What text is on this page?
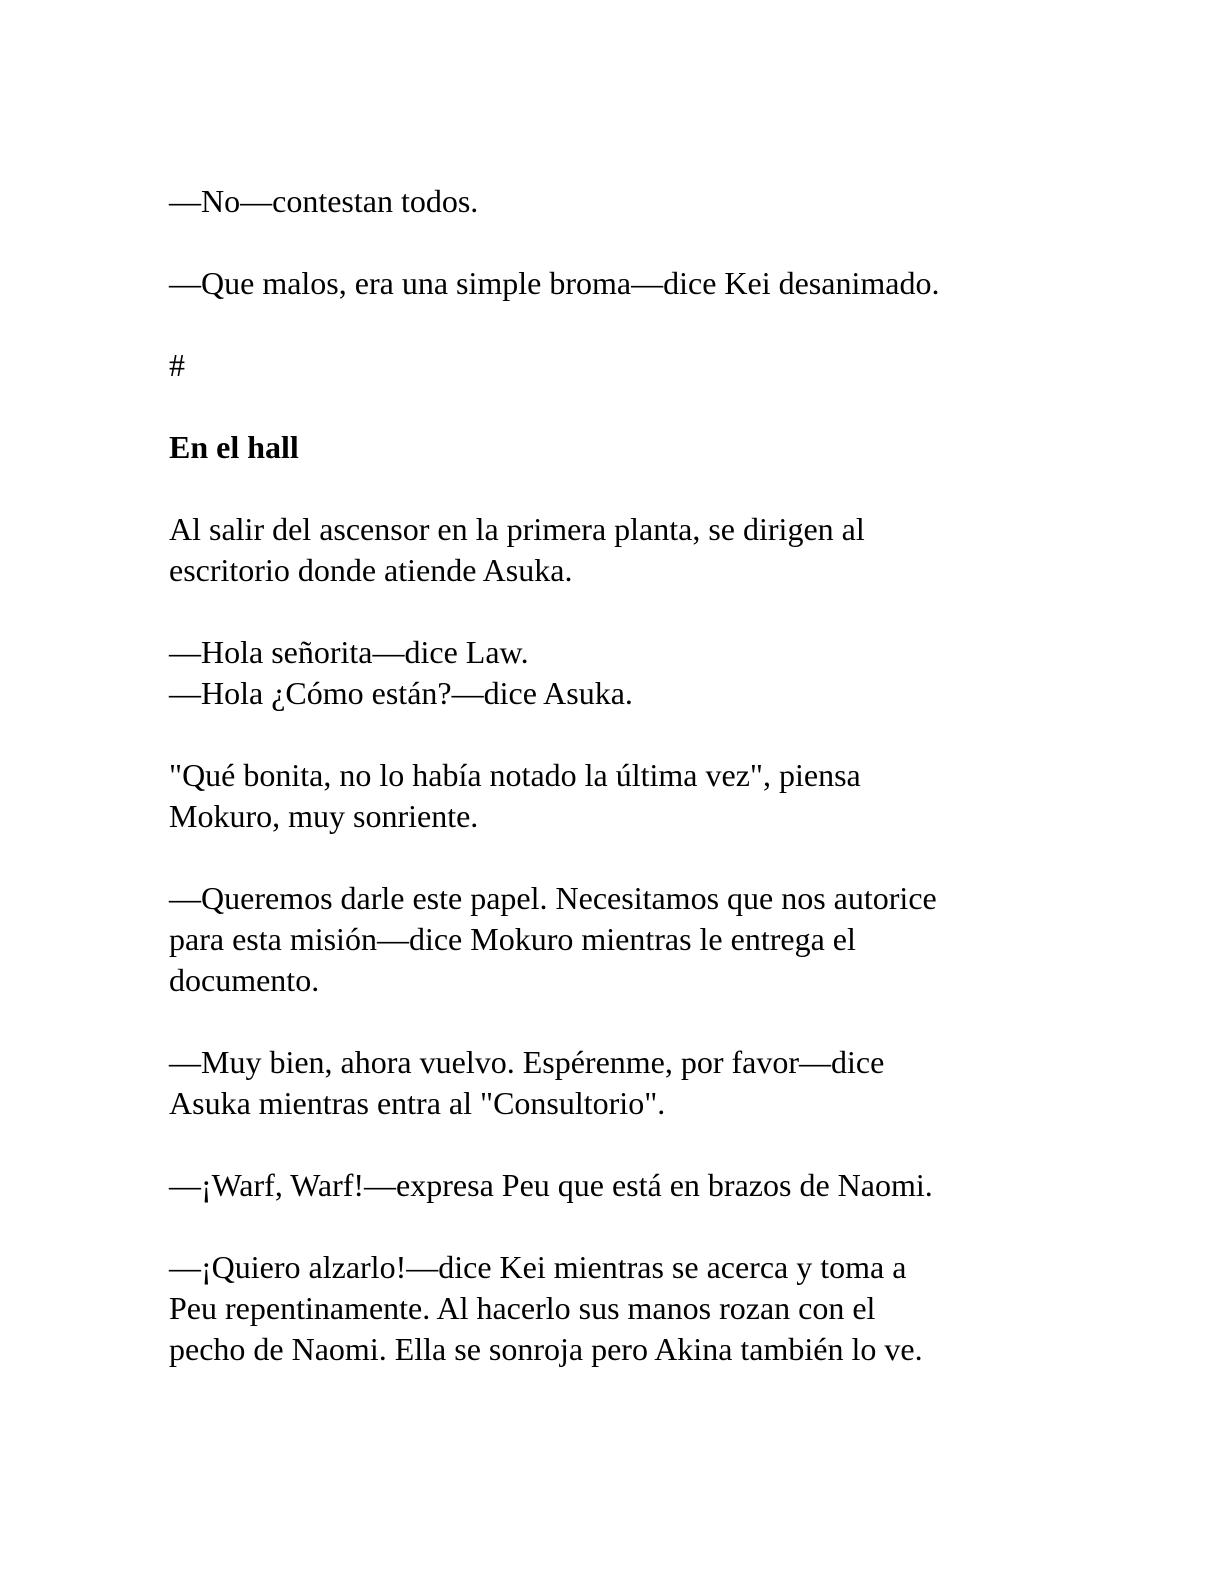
—No—contestan todos.

—Que malos, era una simple broma—dice Kei desanimado.

#

En el hall

Al salir del ascensor en la primera planta, se dirigen al
escritorio donde atiende Asuka.

—Hola señorita—dice Law.
—Hola ¿Cómo están?—dice Asuka.

"Qué bonita, no lo había notado la última vez", piensa
Mokuro, muy sonriente.

—Queremos darle este papel. Necesitamos que nos autorice
para esta misión—dice Mokuro mientras le entrega el
documento.

—Muy bien, ahora vuelvo. Espérenme, por favor—dice
Asuka mientras entra al "Consultorio".

—¡Warf, Warf!—expresa Peu que está en brazos de Naomi.

—¡Quiero alzarlo!—dice Kei mientras se acerca y toma a
Peu repentinamente. Al hacerlo sus manos rozan con el
pecho de Naomi. Ella se sonroja pero Akina también lo ve.
